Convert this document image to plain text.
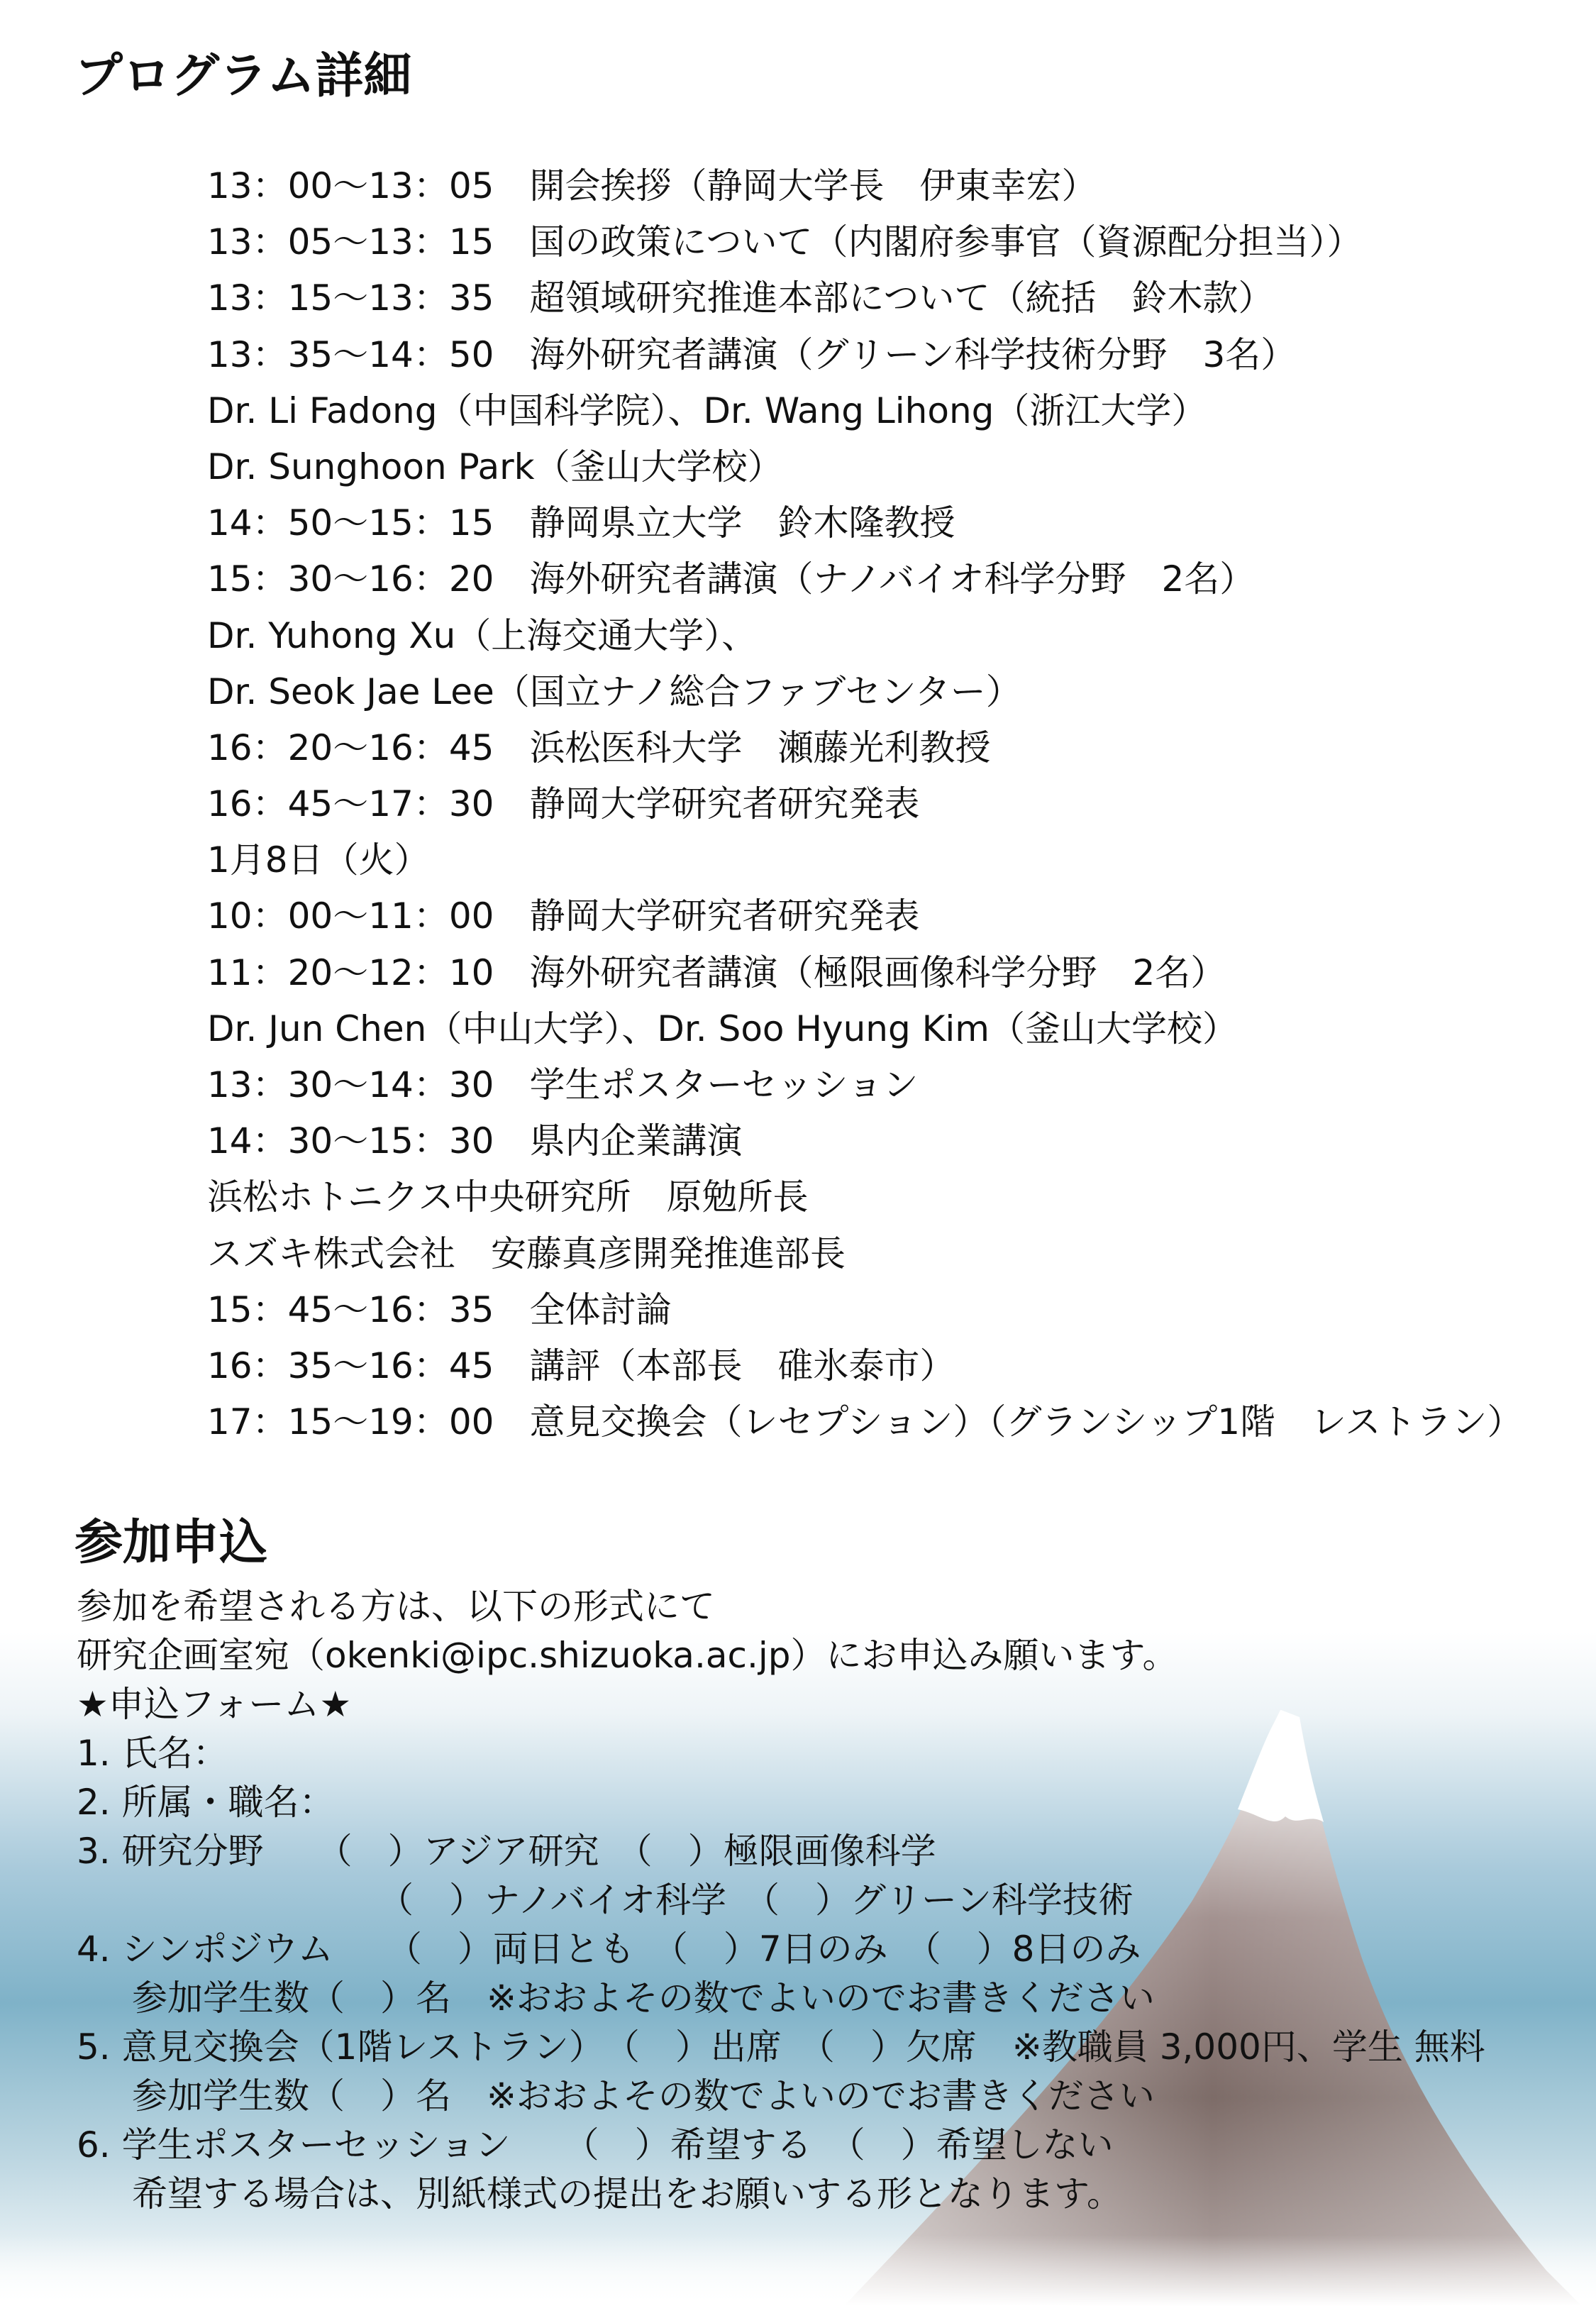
プログラム詳細
13：00～13：05　開会挨拶（静岡大学長　伊東幸宏）
13：05～13：15　国の政策について（内閣府参事官（資源配分担当））
13：15～13：35　超領域研究推進本部について（統括　鈴木款）
13：35～14：50　海外研究者講演（グリーン科学技術分野　3名）
Dr. Li Fadong（中国科学院）、Dr. Wang Lihong（浙江大学）
Dr. Sunghoon Park（釜山大学校）
14：50～15：15　静岡県立大学　鈴木隆教授
15：30～16：20　海外研究者講演（ナノバイオ科学分野　2名）
Dr. Yuhong Xu（上海交通大学）、
Dr. Seok Jae Lee（国立ナノ総合ファブセンター）
16：20～16：45　浜松医科大学　瀬藤光利教授
16：45～17：30　静岡大学研究者研究発表
1月8日（火）
10：00～11：00　静岡大学研究者研究発表
11：20～12：10　海外研究者講演（極限画像科学分野　2名）
Dr. Jun Chen（中山大学）、Dr. Soo Hyung Kim（釜山大学校）
13：30～14：30　学生ポスターセッション
14：30～15：30　県内企業講演
浜松ホトニクス中央研究所　原勉所長
スズキ株式会社　安藤真彦開発推進部長
15：45～16：35　全体討論
16：35～16：45　講評（本部長　碓氷泰市）
17：15～19：00　意見交換会（レセプション）（グランシップ1階　レストラン）
参加申込
参加を希望される方は、以下の形式にて
研究企画室宛（okenki@ipc.shizuoka.ac.jp）にお申込み願います。
★申込フォーム★
1. 氏名：
2. 所属・職名：
3. 研究分野　　（　）アジア研究　（　）極限画像科学
（　）ナノバイオ科学　（　）グリーン科学技術
4. シンポジウム　　（　）両日とも　（　）7日のみ　（　）8日のみ
参加学生数（　）名　※おおよその数でよいのでお書きください
5. 意見交換会（1階レストラン）　（　）出席　（　）欠席　※教職員 3,000円、学生 無料
参加学生数（　）名　※おおよその数でよいのでお書きください
6. 学生ポスターセッション　　（　）希望する　（　）希望しない
希望する場合は、別紙様式の提出をお願いする形となります。
